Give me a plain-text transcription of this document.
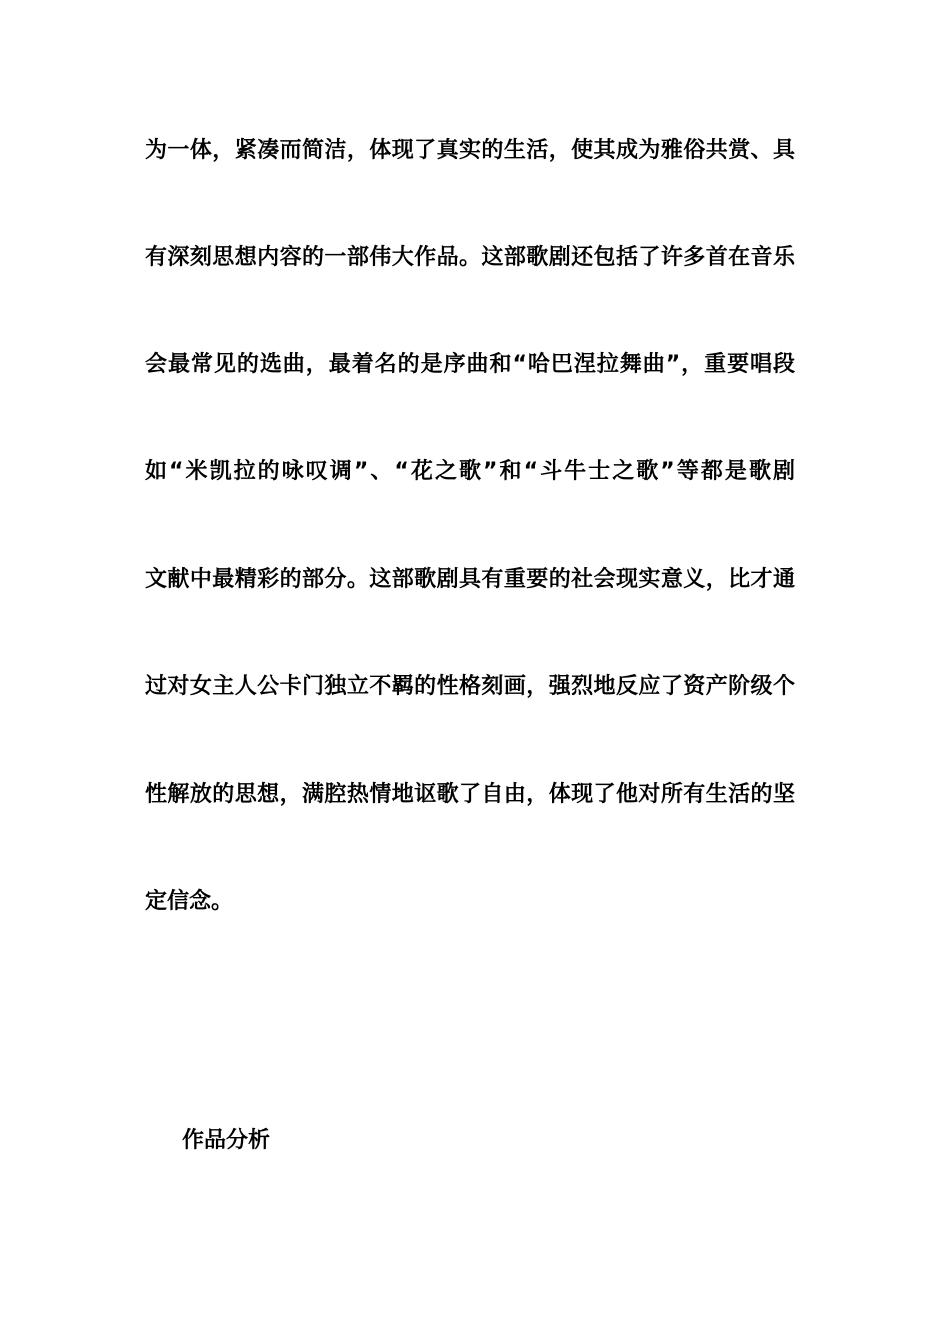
为一体，紧凑而简洁，体现了真实的生活，使其成为雅俗共赏、具
有深刻思想内容的一部伟大作品。这部歌剧还包括了许多首在音乐
会最常见的选曲，最着名的是序曲和“哈巴涅拉舞曲”，重要唱段
如“米凯拉的咏叹调”、“花之歌”和“斗牛士之歌”等都是歌剧
文献中最精彩的部分。这部歌剧具有重要的社会现实意义，比才通
过对女主人公卡门独立不羁的性格刻画，强烈地反应了资产阶级个
性解放的思想，满腔热情地讴歌了自由，体现了他对所有生活的坚
定信念。
作品分析
